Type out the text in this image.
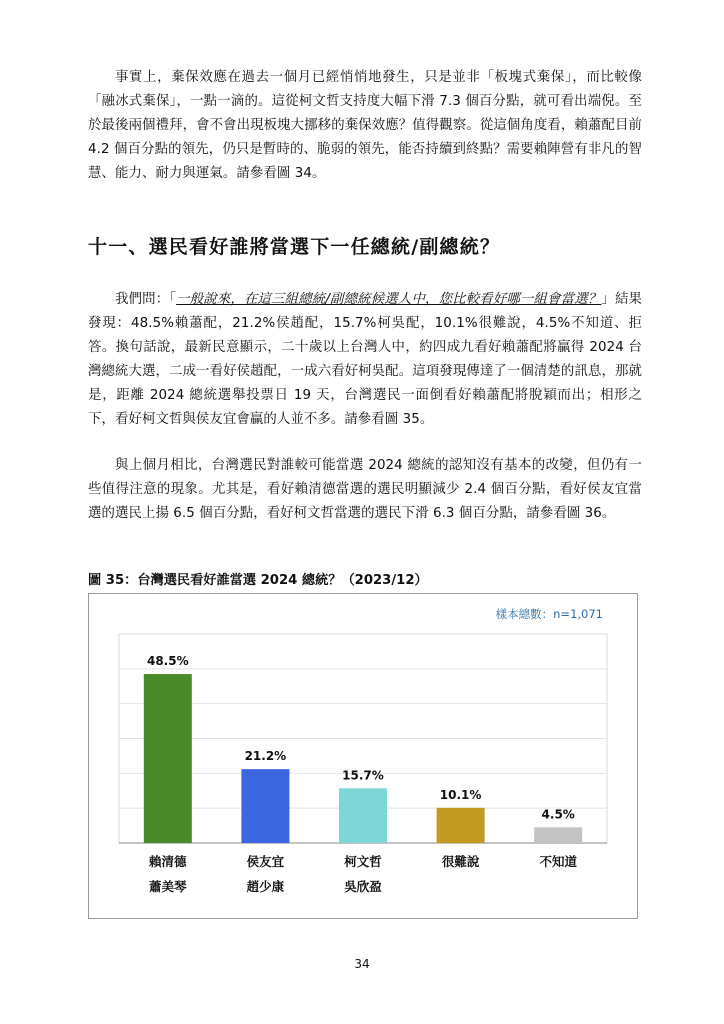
事實上，棄保效應在過去一個月已經悄悄地發生，只是並非「板塊式棄保」，而比較像「融冰式棄保」，一點一滴的。這從柯文哲支持度大幅下滑 7.3 個百分點，就可看出端倪。至於最後兩個禮拜，會不會出現板塊大挪移的棄保效應？值得觀察。從這個角度看，賴蕭配目前 4.2 個百分點的領先，仍只是暫時的、脆弱的領先，能否持續到終點？需要賴陣營有非凡的智慧、能力、耐力與運氣。請參看圖 34。

十一、選民看好誰將當選下一任總統/副總統？

我們問：「一般說來，在這三組總統/副總統候選人中，您比較看好哪一組會當選？」結果發現：48.5%賴蕭配，21.2%侯趙配，15.7%柯吳配，10.1%很難說，4.5%不知道、拒答。換句話說，最新民意顯示，二十歲以上台灣人中，約四成九看好賴蕭配將贏得 2024 台灣總統大選，二成一看好侯趙配，一成六看好柯吳配。這項發現傳達了一個清楚的訊息，那就是，距離 2024 總統選舉投票日 19 天，台灣選民一面倒看好賴蕭配將脫穎而出；相形之下，看好柯文哲與侯友宜會贏的人並不多。請參看圖 35。

與上個月相比，台灣選民對誰較可能當選 2024 總統的認知沒有基本的改變，但仍有一些值得注意的現象。尤其是，看好賴清德當選的選民明顯減少 2.4 個百分點，看好侯友宜當選的選民上揚 6.5 個百分點，看好柯文哲當選的選民下滑 6.3 個百分點，請參看圖 36。

圖 35：台灣選民看好誰當選 2024 總統？（2023/12）
樣本總數：n=1,071
48.5%
賴清德
蕭美琴
21.2%
侯友宜
趙少康
15.7%
柯文哲
吳欣盈
10.1%
很難說
4.5%
不知道
34
